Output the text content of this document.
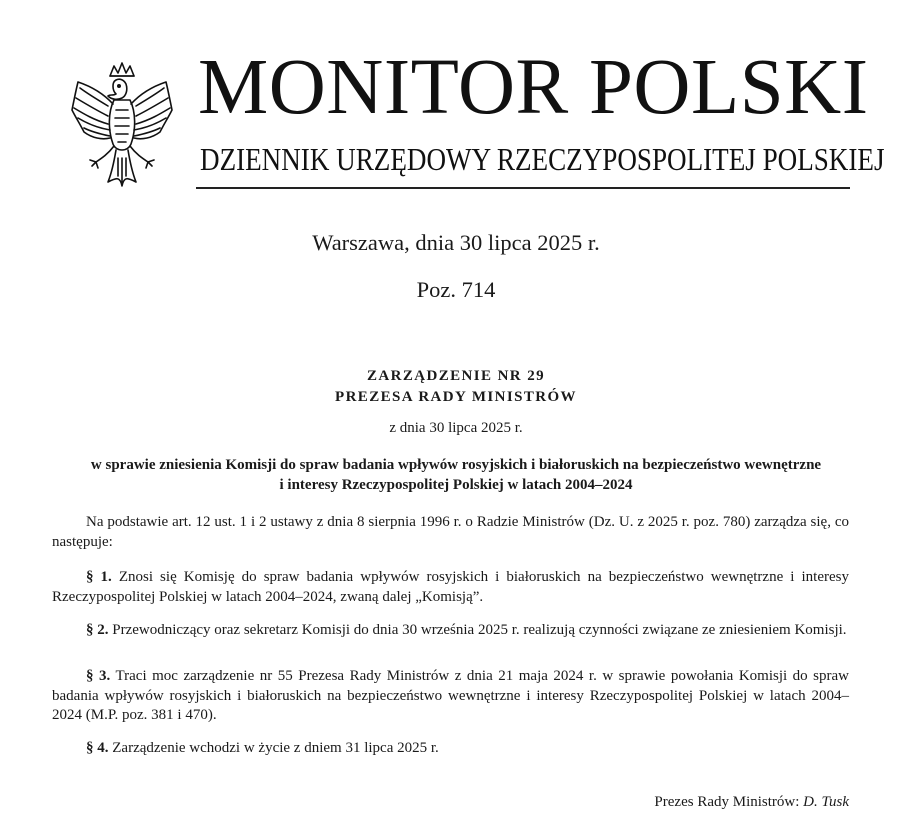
MONITOR POLSKI
DZIENNIK URZĘDOWY RZECZYPOSPOLITEJ POLSKIEJ
Warszawa, dnia 30 lipca 2025 r.
Poz. 714
ZARZĄDZENIE NR 29
PREZESA RADY MINISTRÓW
z dnia 30 lipca 2025 r.
w sprawie zniesienia Komisji do spraw badania wpływów rosyjskich i białoruskich na bezpieczeństwo wewnętrzne
i interesy Rzeczypospolitej Polskiej w latach 2004–2024
Na podstawie art. 12 ust. 1 i 2 ustawy z dnia 8 sierpnia 1996 r. o Radzie Ministrów (Dz. U. z 2025 r. poz. 780) zarządza się, co następuje:
§ 1. Znosi się Komisję do spraw badania wpływów rosyjskich i białoruskich na bezpieczeństwo wewnętrzne i interesy Rzeczypospolitej Polskiej w latach 2004–2024, zwaną dalej „Komisją”.
§ 2. Przewodniczący oraz sekretarz Komisji do dnia 30 września 2025 r. realizują czynności związane ze zniesieniem Komisji.
§ 3. Traci moc zarządzenie nr 55 Prezesa Rady Ministrów z dnia 21 maja 2024 r. w sprawie powołania Komisji do spraw badania wpływów rosyjskich i białoruskich na bezpieczeństwo wewnętrzne i interesy Rzeczypospolitej Polskiej w latach 2004–2024 (M.P. poz. 381 i 470).
§ 4. Zarządzenie wchodzi w życie z dniem 31 lipca 2025 r.
Prezes Rady Ministrów: D. Tusk
